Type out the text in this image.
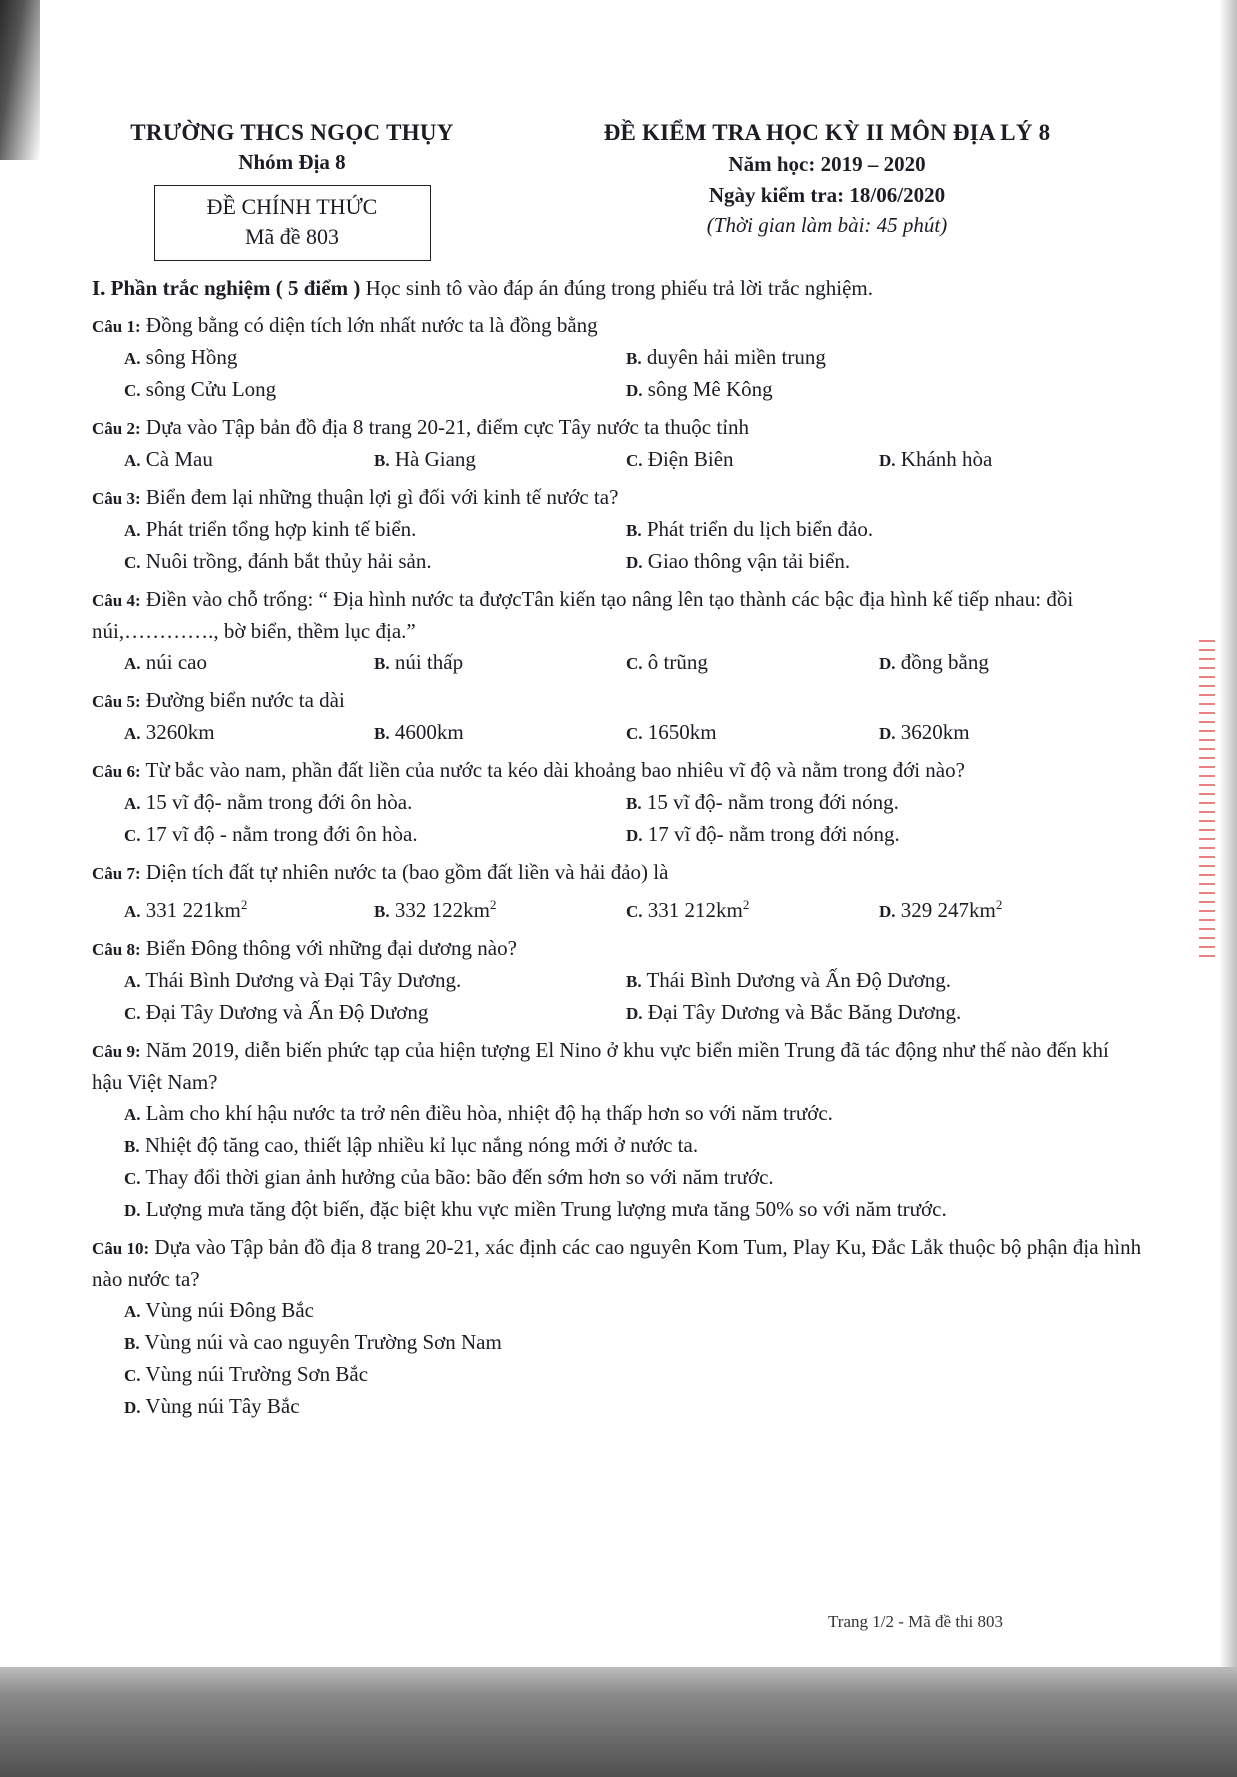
TRƯỜNG THCS NGỌC THỤY
Nhóm Địa 8
ĐỀ CHÍNH THỨC
Mã đề 803
ĐỀ KIỂM TRA HỌC KỲ II MÔN ĐỊA LÝ 8
Năm học: 2019 – 2020
Ngày kiểm tra: 18/06/2020
(Thời gian làm bài: 45 phút)
I. Phần trắc nghiệm ( 5 điểm ) Học sinh tô vào đáp án đúng trong phiếu trả lời trắc nghiệm.
Câu 1: Đồng bằng có diện tích lớn nhất nước ta là đồng bằng
A. sông Hồng	B. duyên hải miền trung
C. sông Cửu Long	D. sông Mê Kông
Câu 2: Dựa vào Tập bản đồ địa 8 trang 20-21, điểm cực Tây nước ta thuộc tỉnh
A. Cà Mau	B. Hà Giang	C. Điện Biên	D. Khánh hòa
Câu 3: Biển đem lại những thuận lợi gì đối với kinh tế nước ta?
A. Phát triển tổng hợp kinh tế biển.	B. Phát triển du lịch biển đảo.
C. Nuôi trồng, đánh bắt thủy hải sản.	D. Giao thông vận tải biển.
Câu 4: Điền vào chỗ trống: “ Địa hình nước ta đượcTân kiến tạo nâng lên tạo thành các bậc địa hình kế tiếp nhau: đồi núi,…………., bờ biển, thềm lục địa.”
A. núi cao	B. núi thấp	C. ô trũng	D. đồng bằng
Câu 5: Đường biển nước ta dài
A. 3260km	B. 4600km	C. 1650km	D. 3620km
Câu 6: Từ bắc vào nam, phần đất liền của nước ta kéo dài khoảng bao nhiêu vĩ độ và nằm trong đới nào?
A. 15 vĩ độ- nằm trong đới ôn hòa.	B. 15 vĩ độ- nằm trong đới nóng.
C. 17 vĩ độ - nằm trong đới ôn hòa.	D. 17 vĩ độ- nằm trong đới nóng.
Câu 7: Diện tích đất tự nhiên nước ta (bao gồm đất liền và hải đảo) là
A. 331 $221km^2$	B. 332 $122km^2$	C. 331 $212km^2$	D. 329 $247km^2$
Câu 8: Biển Đông thông với những đại dương nào?
A. Thái Bình Dương và Đại Tây Dương.	B. Thái Bình Dương và Ấn Độ Dương.
C. Đại Tây Dương và Ấn Độ Dương	D. Đại Tây Dương và Bắc Băng Dương.
Câu 9: Năm 2019, diễn biến phức tạp của hiện tượng El Nino ở khu vực biển miền Trung đã tác động như thế nào đến khí hậu Việt Nam?
A. Làm cho khí hậu nước ta trở nên điều hòa, nhiệt độ hạ thấp hơn so với năm trước.
B. Nhiệt độ tăng cao, thiết lập nhiều kỉ lục nắng nóng mới ở nước ta.
C. Thay đổi thời gian ảnh hưởng của bão: bão đến sớm hơn so với năm trước.
D. Lượng mưa tăng đột biến, đặc biệt khu vực miền Trung lượng mưa tăng 50% so với năm trước.
Câu 10: Dựa vào Tập bản đồ địa 8 trang 20-21, xác định các cao nguyên Kom Tum, Play Ku, Đắc Lắk thuộc bộ phận địa hình nào nước ta?
A. Vùng núi Đông Bắc
B. Vùng núi và cao nguyên Trường Sơn Nam
C. Vùng núi Trường Sơn Bắc
D. Vùng núi Tây Bắc
Trang 1/2 - Mã đề thi 803
